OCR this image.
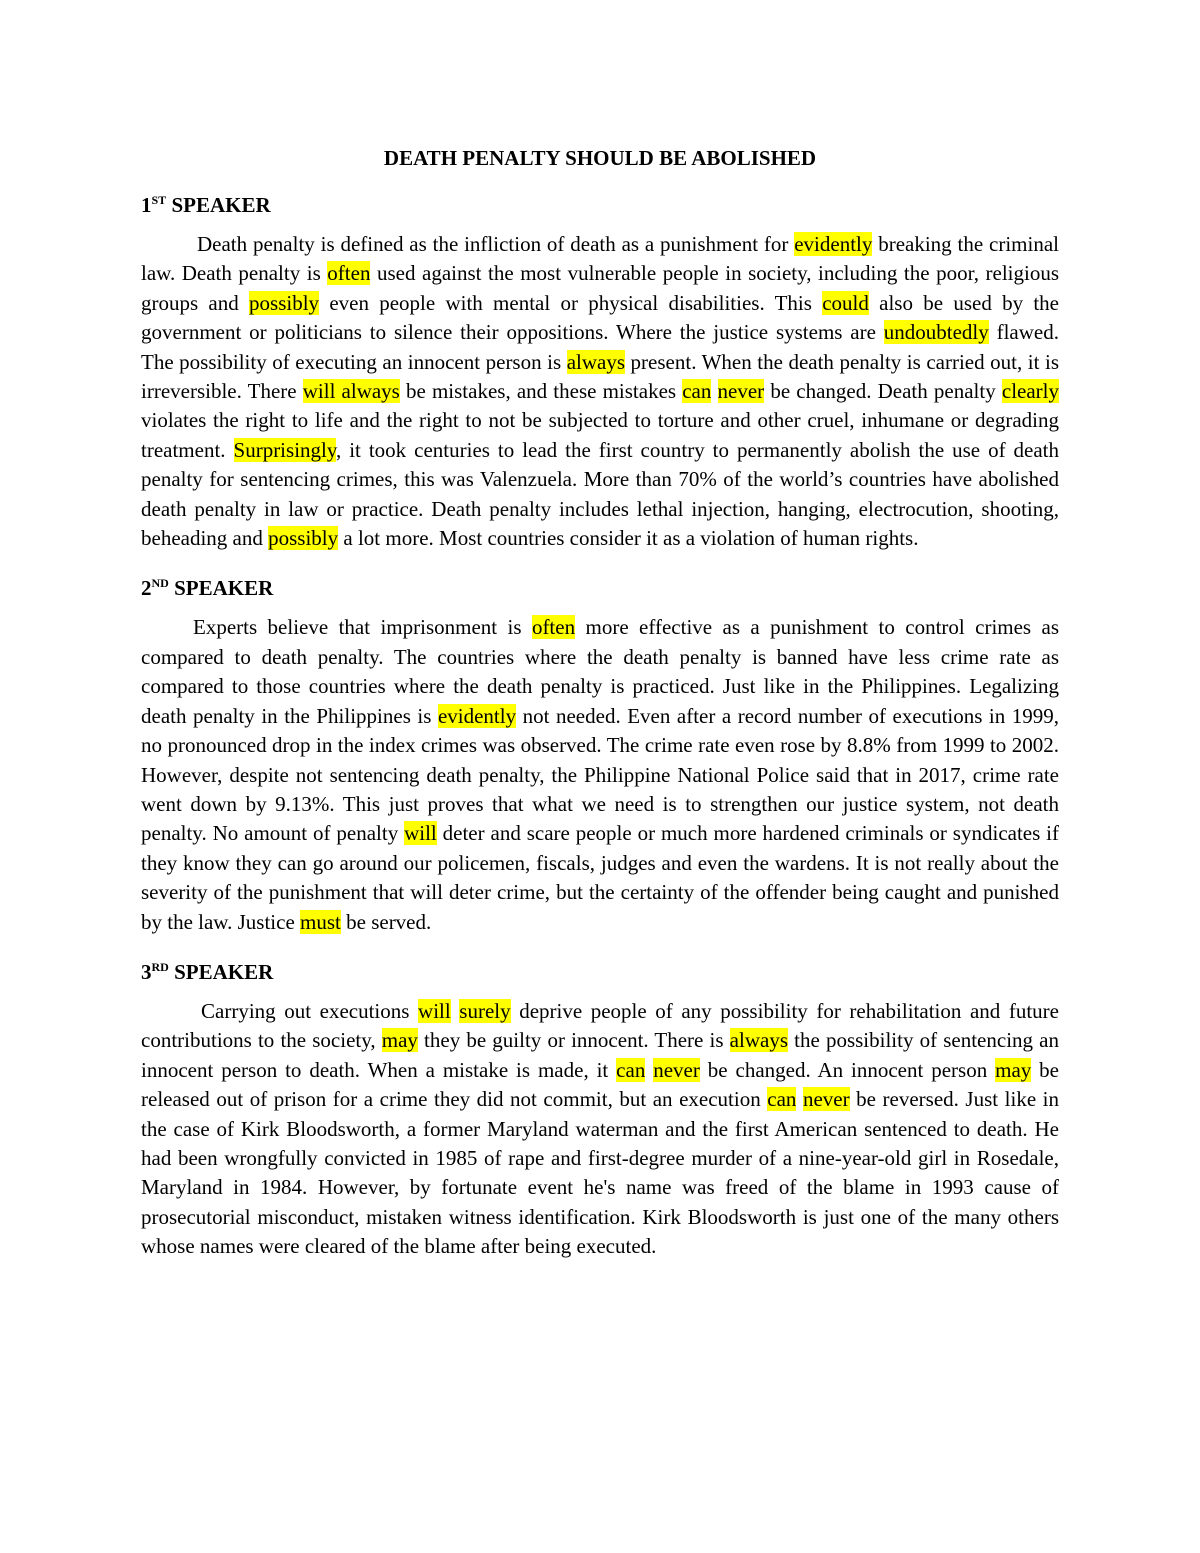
DEATH PENALTY SHOULD BE ABOLISHED
1ST SPEAKER

Death penalty is defined as the infliction of death as a punishment for evidently breaking the criminal law. Death penalty is often used against the most vulnerable people in society, including the poor, religious groups and possibly even people with mental or physical disabilities. This could also be used by the government or politicians to silence their oppositions. Where the justice systems are undoubtedly flawed. The possibility of executing an innocent person is always present. When the death penalty is carried out, it is irreversible. There will always be mistakes, and these mistakes can never be changed. Death penalty clearly violates the right to life and the right to not be subjected to torture and other cruel, inhumane or degrading treatment. Surprisingly, it took centuries to lead the first country to permanently abolish the use of death penalty for sentencing crimes, this was Valenzuela. More than 70% of the world’s countries have abolished death penalty in law or practice. Death penalty includes lethal injection, hanging, electrocution, shooting, beheading and possibly a lot more. Most countries consider it as a violation of human rights.

2ND SPEAKER

Experts believe that imprisonment is often more effective as a punishment to control crimes as compared to death penalty. The countries where the death penalty is banned have less crime rate as compared to those countries where the death penalty is practiced. Just like in the Philippines. Legalizing death penalty in the Philippines is evidently not needed. Even after a record number of executions in 1999, no pronounced drop in the index crimes was observed. The crime rate even rose by 8.8% from 1999 to 2002. However, despite not sentencing death penalty, the Philippine National Police said that in 2017, crime rate went down by 9.13%. This just proves that what we need is to strengthen our justice system, not death penalty. No amount of penalty will deter and scare people or much more hardened criminals or syndicates if they know they can go around our policemen, fiscals, judges and even the wardens. It is not really about the severity of the punishment that will deter crime, but the certainty of the offender being caught and punished by the law. Justice must be served.

3RD SPEAKER

Carrying out executions will surely deprive people of any possibility for rehabilitation and future contributions to the society, may they be guilty or innocent. There is always the possibility of sentencing an innocent person to death. When a mistake is made, it can never be changed. An innocent person may be released out of prison for a crime they did not commit, but an execution can never be reversed. Just like in the case of Kirk Bloodsworth, a former Maryland waterman and the first American sentenced to death. He had been wrongfully convicted in 1985 of rape and first-degree murder of a nine-year-old girl in Rosedale, Maryland in 1984. However, by fortunate event he's name was freed of the blame in 1993 cause of prosecutorial misconduct, mistaken witness identification. Kirk Bloodsworth is just one of the many others whose names were cleared of the blame after being executed.
